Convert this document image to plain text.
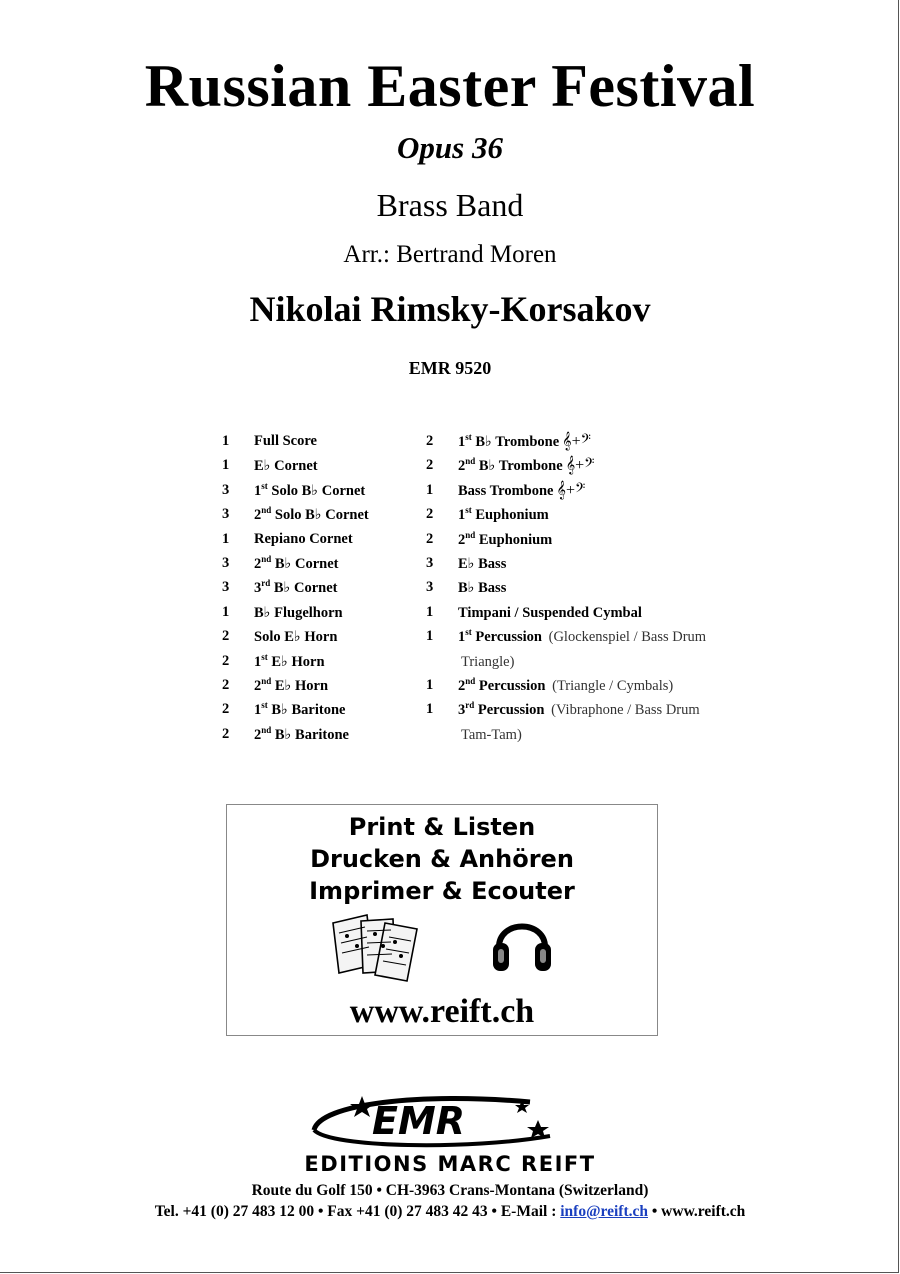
Russian Easter Festival
Opus 36
Brass Band
Arr.: Bertrand Moren
Nikolai Rimsky-Korsakov
EMR 9520
1 Full Score
1 E♭ Cornet
3 1st Solo B♭ Cornet
3 2nd Solo B♭ Cornet
1 Repiano Cornet
3 2nd B♭ Cornet
3 3rd B♭ Cornet
1 B♭ Flugelhorn
2 Solo E♭ Horn
2 1st E♭ Horn
2 2nd E♭ Horn
2 1st B♭ Baritone
2 2nd B♭ Baritone
2 1st B♭ Trombone 𝄞+𝄢
2 2nd B♭ Trombone 𝄞+𝄢
1 Bass Trombone 𝄞+𝄢
2 1st Euphonium
2 2nd Euphonium
3 E♭ Bass
3 B♭ Bass
1 Timpani / Suspended Cymbal
1 1st Percussion (Glockenspiel / Bass Drum
Triangle)
1 2nd Percussion (Triangle / Cymbals)
1 3rd Percussion (Vibraphone / Bass Drum
Tam-Tam)
Print & Listen
Drucken & Anhören
Imprimer & Ecouter
www.reift.ch
EMR
EDITIONS MARC REIFT
Route du Golf 150 • CH-3963 Crans-Montana (Switzerland)
Tel. +41 (0) 27 483 12 00 • Fax +41 (0) 27 483 42 43 • E-Mail : info@reift.ch • www.reift.ch
